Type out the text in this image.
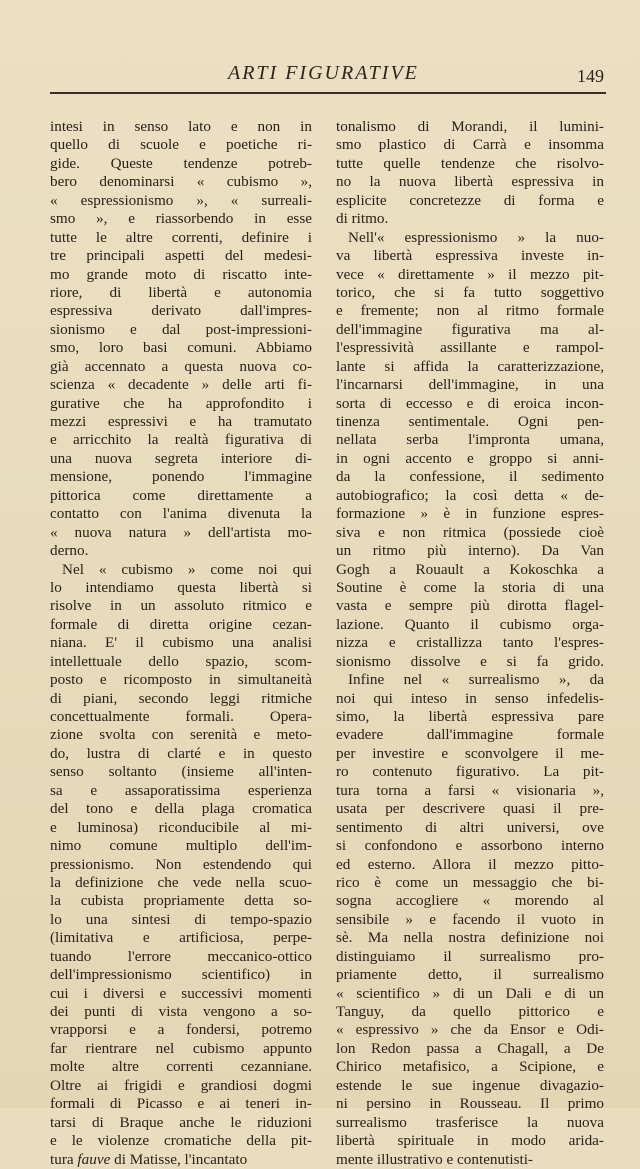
ARTI FIGURATIVE	149
intesi in senso lato e non in
quello di scuole e poetiche ri-
gide. Queste tendenze potreb-
bero denominarsi « cubismo »,
« espressionismo », « surreali-
smo », e riassorbendo in esse
tutte le altre correnti, definire i
tre principali aspetti del medesi-
mo grande moto di riscatto inte-
riore, di libertà e autonomia
espressiva derivato dall'impres-
sionismo e dal post-impressioni-
smo, loro basi comuni. Abbiamo
già accennato a questa nuova co-
scienza « decadente » delle arti fi-
gurative che ha approfondito i
mezzi espressivi e ha tramutato
e arricchito la realtà figurativa di
una nuova segreta interiore di-
mensione, ponendo l'immagine
pittorica come direttamente a
contatto con l'anima divenuta la
« nuova natura » dell'artista mo-
derno.
Nel « cubismo » come noi qui
lo intendiamo questa libertà si
risolve in un assoluto ritmico e
formale di diretta origine cezan-
niana. E' il cubismo una analisi
intellettuale dello spazio, scom-
posto e ricomposto in simultaneità
di piani, secondo leggi ritmiche
concettualmente formali. Opera-
zione svolta con serenità e meto-
do, lustra di clarté e in questo
senso soltanto (insieme all'inten-
sa e assaporatissima esperienza
del tono e della plaga cromatica
e luminosa) riconducibile al mi-
nimo comune multiplo dell'im-
pressionismo. Non estendendo qui
la definizione che vede nella scuo-
la cubista propriamente detta so-
lo una sintesi di tempo-spazio
(limitativa e artificiosa, perpe-
tuando l'errore meccanico-ottico
dell'impressionismo scientifico) in
cui i diversi e successivi momenti
dei punti di vista vengono a so-
vrapporsi e a fondersi, potremo
far rientrare nel cubismo appunto
molte altre correnti cezanniane.
Oltre ai frigidi e grandiosi dogmi
formali di Picasso e ai teneri in-
tarsi di Braque anche le riduzioni
e le violenze cromatiche della pit-
tura fauve di Matisse, l'incantato
tonalismo di Morandi, il lumini-
smo plastico di Carrà e insomma
tutte quelle tendenze che risolvo-
no la nuova libertà espressiva in
esplicite concretezze di forma e
di ritmo.
Nell'« espressionismo » la nuo-
va libertà espressiva investe in-
vece « direttamente » il mezzo pit-
torico, che si fa tutto soggettivo
e fremente; non al ritmo formale
dell'immagine figurativa ma al-
l'espressività assillante e rampol-
lante si affida la caratterizzazione,
l'incarnarsi dell'immagine, in una
sorta di eccesso e di eroica incon-
tinenza sentimentale. Ogni pen-
nellata serba l'impronta umana,
in ogni accento e groppo si anni-
da la confessione, il sedimento
autobiografico; la così detta « de-
formazione » è in funzione espres-
siva e non ritmica (possiede cioè
un ritmo più interno). Da Van
Gogh a Rouault a Kokoschka a
Soutine è come la storia di una
vasta e sempre più dirotta flagel-
lazione. Quanto il cubismo orga-
nizza e cristallizza tanto l'espres-
sionismo dissolve e si fa grido.
Infine nel « surrealismo », da
noi qui inteso in senso infedelis-
simo, la libertà espressiva pare
evadere dall'immagine formale
per investire e sconvolgere il me-
ro contenuto figurativo. La pit-
tura torna a farsi « visionaria »,
usata per descrivere quasi il pre-
sentimento di altri universi, ove
si confondono e assorbono interno
ed esterno. Allora il mezzo pitto-
rico è come un messaggio che bi-
sogna accogliere « morendo al
sensibile » e facendo il vuoto in
sè. Ma nella nostra definizione noi
distinguiamo il surrealismo pro-
priamente detto, il surrealismo
« scientifico » di un Dali e di un
Tanguy, da quello pittorico e
« espressivo » che da Ensor e Odi-
lon Redon passa a Chagall, a De
Chirico metafisico, a Scipione, e
estende le sue ingenue divagazio-
ni persino in Rousseau. Il primo
surrealismo trasferisce la nuova
libertà spirituale in modo arida-
mente illustrativo e contenutisti-
